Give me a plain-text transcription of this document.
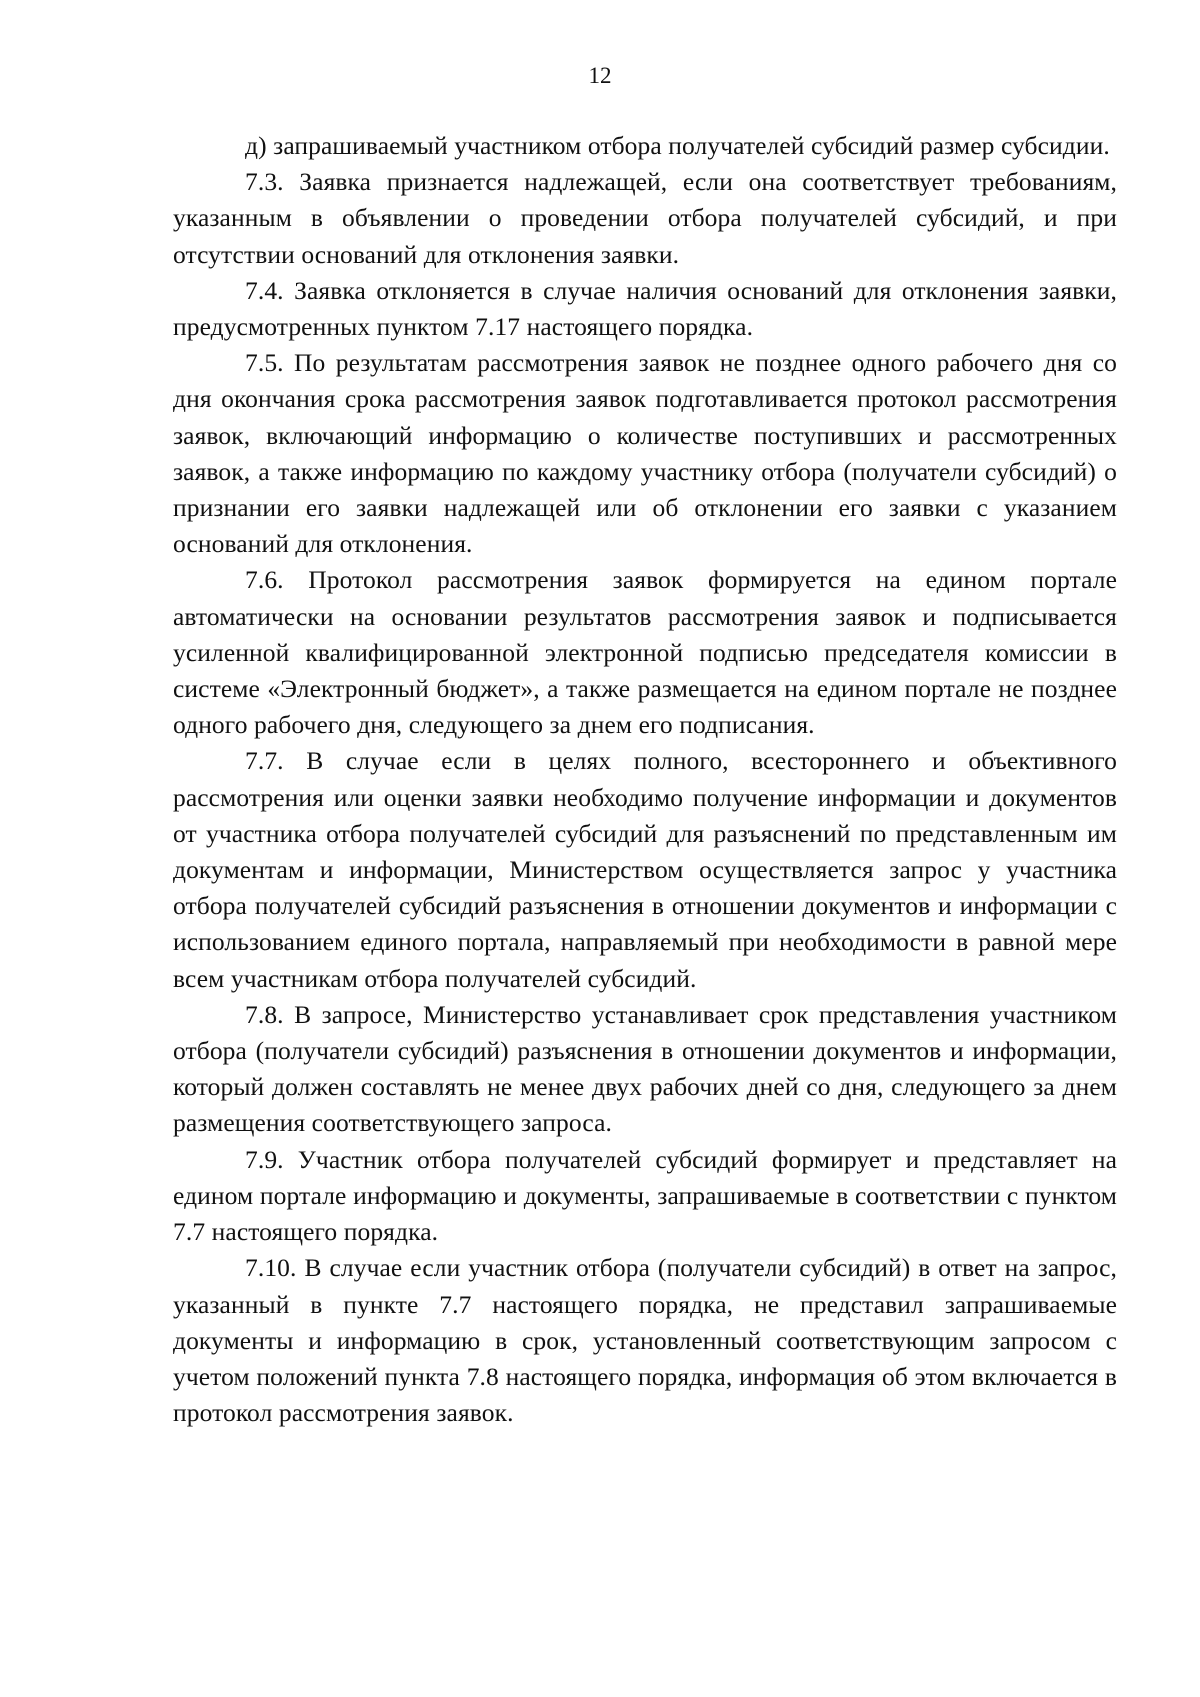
12

д) запрашиваемый участником отбора получателей субсидий размер субсидии.

7.3. Заявка признается надлежащей, если она соответствует требованиям, указанным в объявлении о проведении отбора получателей субсидий, и при отсутствии оснований для отклонения заявки.

7.4. Заявка отклоняется в случае наличия оснований для отклонения заявки, предусмотренных пунктом 7.17 настоящего порядка.

7.5. По результатам рассмотрения заявок не позднее одного рабочего дня со дня окончания срока рассмотрения заявок подготавливается протокол рассмотрения заявок, включающий информацию о количестве поступивших и рассмотренных заявок, а также информацию по каждому участнику отбора (получатели субсидий) о признании его заявки надлежащей или об отклонении его заявки с указанием оснований для отклонения.

7.6. Протокол рассмотрения заявок формируется на едином портале автоматически на основании результатов рассмотрения заявок и подписывается усиленной квалифицированной электронной подписью председателя комиссии в системе «Электронный бюджет», а также размещается на едином портале не позднее одного рабочего дня, следующего за днем его подписания.

7.7. В случае если в целях полного, всестороннего и объективного рассмотрения или оценки заявки необходимо получение информации и документов от участника отбора получателей субсидий для разъяснений по представленным им документам и информации, Министерством осуществляется запрос у участника отбора получателей субсидий разъяснения в отношении документов и информации с использованием единого портала, направляемый при необходимости в равной мере всем участникам отбора получателей субсидий.

7.8. В запросе, Министерство устанавливает срок представления участником отбора (получатели субсидий) разъяснения в отношении документов и информации, который должен составлять не менее двух рабочих дней со дня, следующего за днем размещения соответствующего запроса.

7.9. Участник отбора получателей субсидий формирует и представляет на едином портале информацию и документы, запрашиваемые в соответствии с пунктом 7.7 настоящего порядка.

7.10. В случае если участник отбора (получатели субсидий) в ответ на запрос, указанный в пункте 7.7 настоящего порядка, не представил запрашиваемые документы и информацию в срок, установленный соответствующим запросом с учетом положений пункта 7.8 настоящего порядка, информация об этом включается в протокол рассмотрения заявок.
